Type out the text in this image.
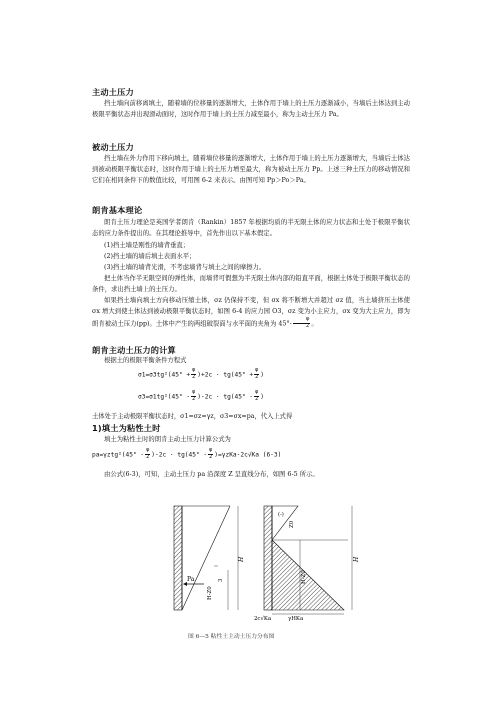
主动土压力
挡土墙向前移离填土，随着墙的位移量的逐渐增大，土体作用于墙上的土压力逐渐减小，当墙后土体达到主动极限平衡状态并出现滑动面时，这时作用于墙上的土压力减至最小，称为主动土压力 Pa。
被动土压力
挡土墙在外力作用下移向填土，随着墙位移量的逐渐增大，土体作用于墙上的土压力逐渐增大，当墙后土体达到被动极限平衡状态时，这时作用于墙上的土压力增至最大，称为被动土压力 Pp。上述三种土压力的移动情况和它们在相同条件下的数值比较，可用图 6-2 来表示。由图可知 Pp＞Po＞Pa。
朗肯基本理论
朗肯土压力理论是英国学者朗肯（Rankin）1857 年根据均质的半无限土体的应力状态和土处于极限平衡状态的应力条件提出的。在其理论推导中，首先作出以下基本假定。
(1)挡土墙是刚性的墙背垂直；
(2)挡土墙的墙后填土表面水平；
(3)挡土墙的墙背光滑，不考虑墙背与填土之间的摩擦力。
把土体当作半无限空间的弹性体，而墙背可假想为半无限土体内部的铅直平面，根据土体处于极限平衡状态的条件，求出挡土墙上的土压力。
如果挡土墙向填土方向移动压缩土体，σz 仍保持不变，但 σx 将不断增大并超过 σz 值，当土墙挤压土体使 σx 增大到使土体达到被动极限平衡状态时，如图 6-4 的应力园 O3，σz 变为小主应力，σx 变为大主应力，即为朗肯被动土压力(pp)。土体中产生的两组破裂面与水平面的夹角为 $45^\circ- \frac{\varphi}{2}$ 。
朗肯主动土压力的计算
根据土的极限平衡条件方程式
$\sigma 1=\sigma 3tg^2(45^\circ + \frac{\varphi}{2} )+2c \cdot tg(45^\circ + \frac{\varphi}{2}$ )
$\sigma 3=\sigma 1tg^2(45^\circ - \frac{\varphi}{2} )-2c \cdot tg(45^\circ - \frac{\varphi}{2}$ )
土体处于主动极限平衡状态时，σ1=σz=γz，σ3=σx=pa，代入上式得
1)填土为粘性土时
填土为粘性土时的朗肯主动土压力计算公式为
$pa=\gamma ztg^2(45^\circ - \frac{\varphi}{2} )-2c \cdot tg(45^\circ - \frac{\varphi}{2} )=\gamma zKa-2c√Ka$ (6-3)
由公式(6-3)，可知，主动土压力 pa 沿深度 Z 呈直线分布，如图 6-5 所示。
Pa
H-Z0
3
H
(-)
Z0
H-Z0
H
2c√Ka	γHKa
图 6—5 粘性土主动土压力分布图
